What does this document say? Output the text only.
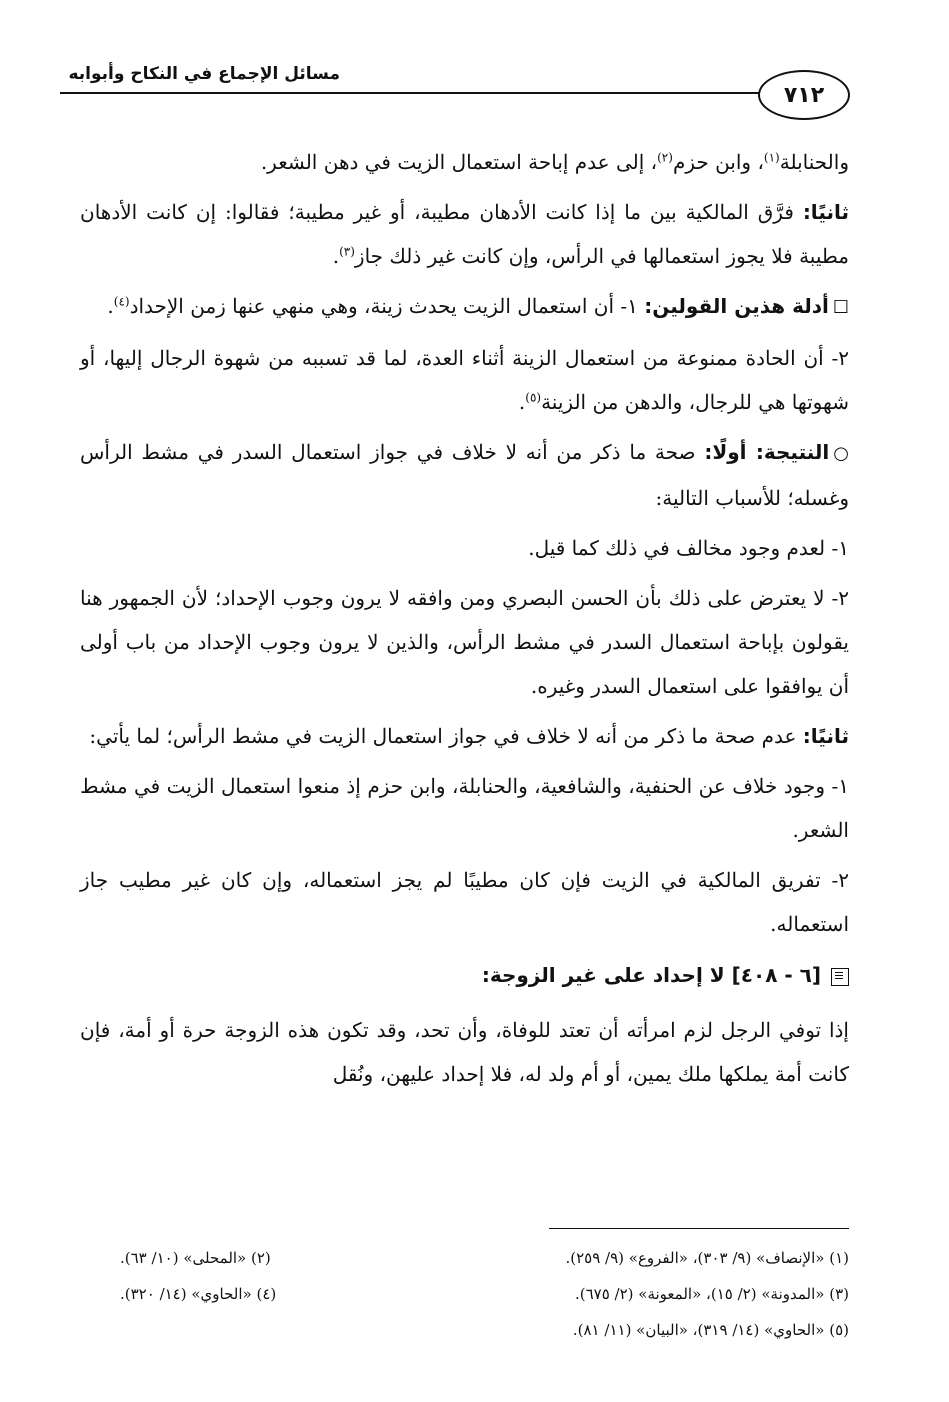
مسائل الإجماع في النكاح وأبوابه
٧١٢

والحنابلة$^{(١)}$، وابن حزم$^{(٢)}$، إلى عدم إباحة استعمال الزيت في دهن الشعر.

ثانيًا: فرَّق المالكية بين ما إذا كانت الأدهان مطيبة، أو غير مطيبة؛ فقالوا: إن كانت الأدهان مطيبة فلا يجوز استعمالها في الرأس، وإن كانت غير ذلك جاز$^{(٣)}$.

☐أدلة هذين القولين: ١- أن استعمال الزيت يحدث زينة، وهي منهي عنها زمن الإحداد$^{(٤)}$.

٢- أن الحادة ممنوعة من استعمال الزينة أثناء العدة، لما قد تسببه من شهوة الرجال إليها، أو شهوتها هي للرجال، والدهن من الزينة$^{(٥)}$.

○النتيجة: أولًا: صحة ما ذكر من أنه لا خلاف في جواز استعمال السدر في مشط الرأس وغسله؛ للأسباب التالية:

١- لعدم وجود مخالف في ذلك كما قيل.

٢- لا يعترض على ذلك بأن الحسن البصري ومن وافقه لا يرون وجوب الإحداد؛ لأن الجمهور هنا يقولون بإباحة استعمال السدر في مشط الرأس، والذين لا يرون وجوب الإحداد من باب أولى أن يوافقوا على استعمال السدر وغيره.

ثانيًا: عدم صحة ما ذكر من أنه لا خلاف في جواز استعمال الزيت في مشط الرأس؛ لما يأتي:

١- وجود خلاف عن الحنفية، والشافعية، والحنابلة، وابن حزم إذ منعوا استعمال الزيت في مشط الشعر.

٢- تفريق المالكية في الزيت فإن كان مطيبًا لم يجز استعماله، وإن كان غير مطيب جاز استعماله.

[٦ - ٤٠٨] لا إحداد على غير الزوجة:

إذا توفي الرجل لزم امرأته أن تعتد للوفاة، وأن تحد، وقد تكون هذه الزوجة حرة أو أمة، فإن كانت أمة يملكها ملك يمين، أو أم ولد له، فلا إحداد عليهن، ونُقل

(١) «الإنصاف» (٩/ ٣٠٣)، «الفروع» (٩/ ٢٥٩).
(٢) «المحلى» (١٠/ ٦٣).
(٣) «المدونة» (٢/ ١٥)، «المعونة» (٢/ ٦٧٥).
(٤) «الحاوي» (١٤/ ٣٢٠).
(٥) «الحاوي» (١٤/ ٣١٩)، «البيان» (١١/ ٨١).
